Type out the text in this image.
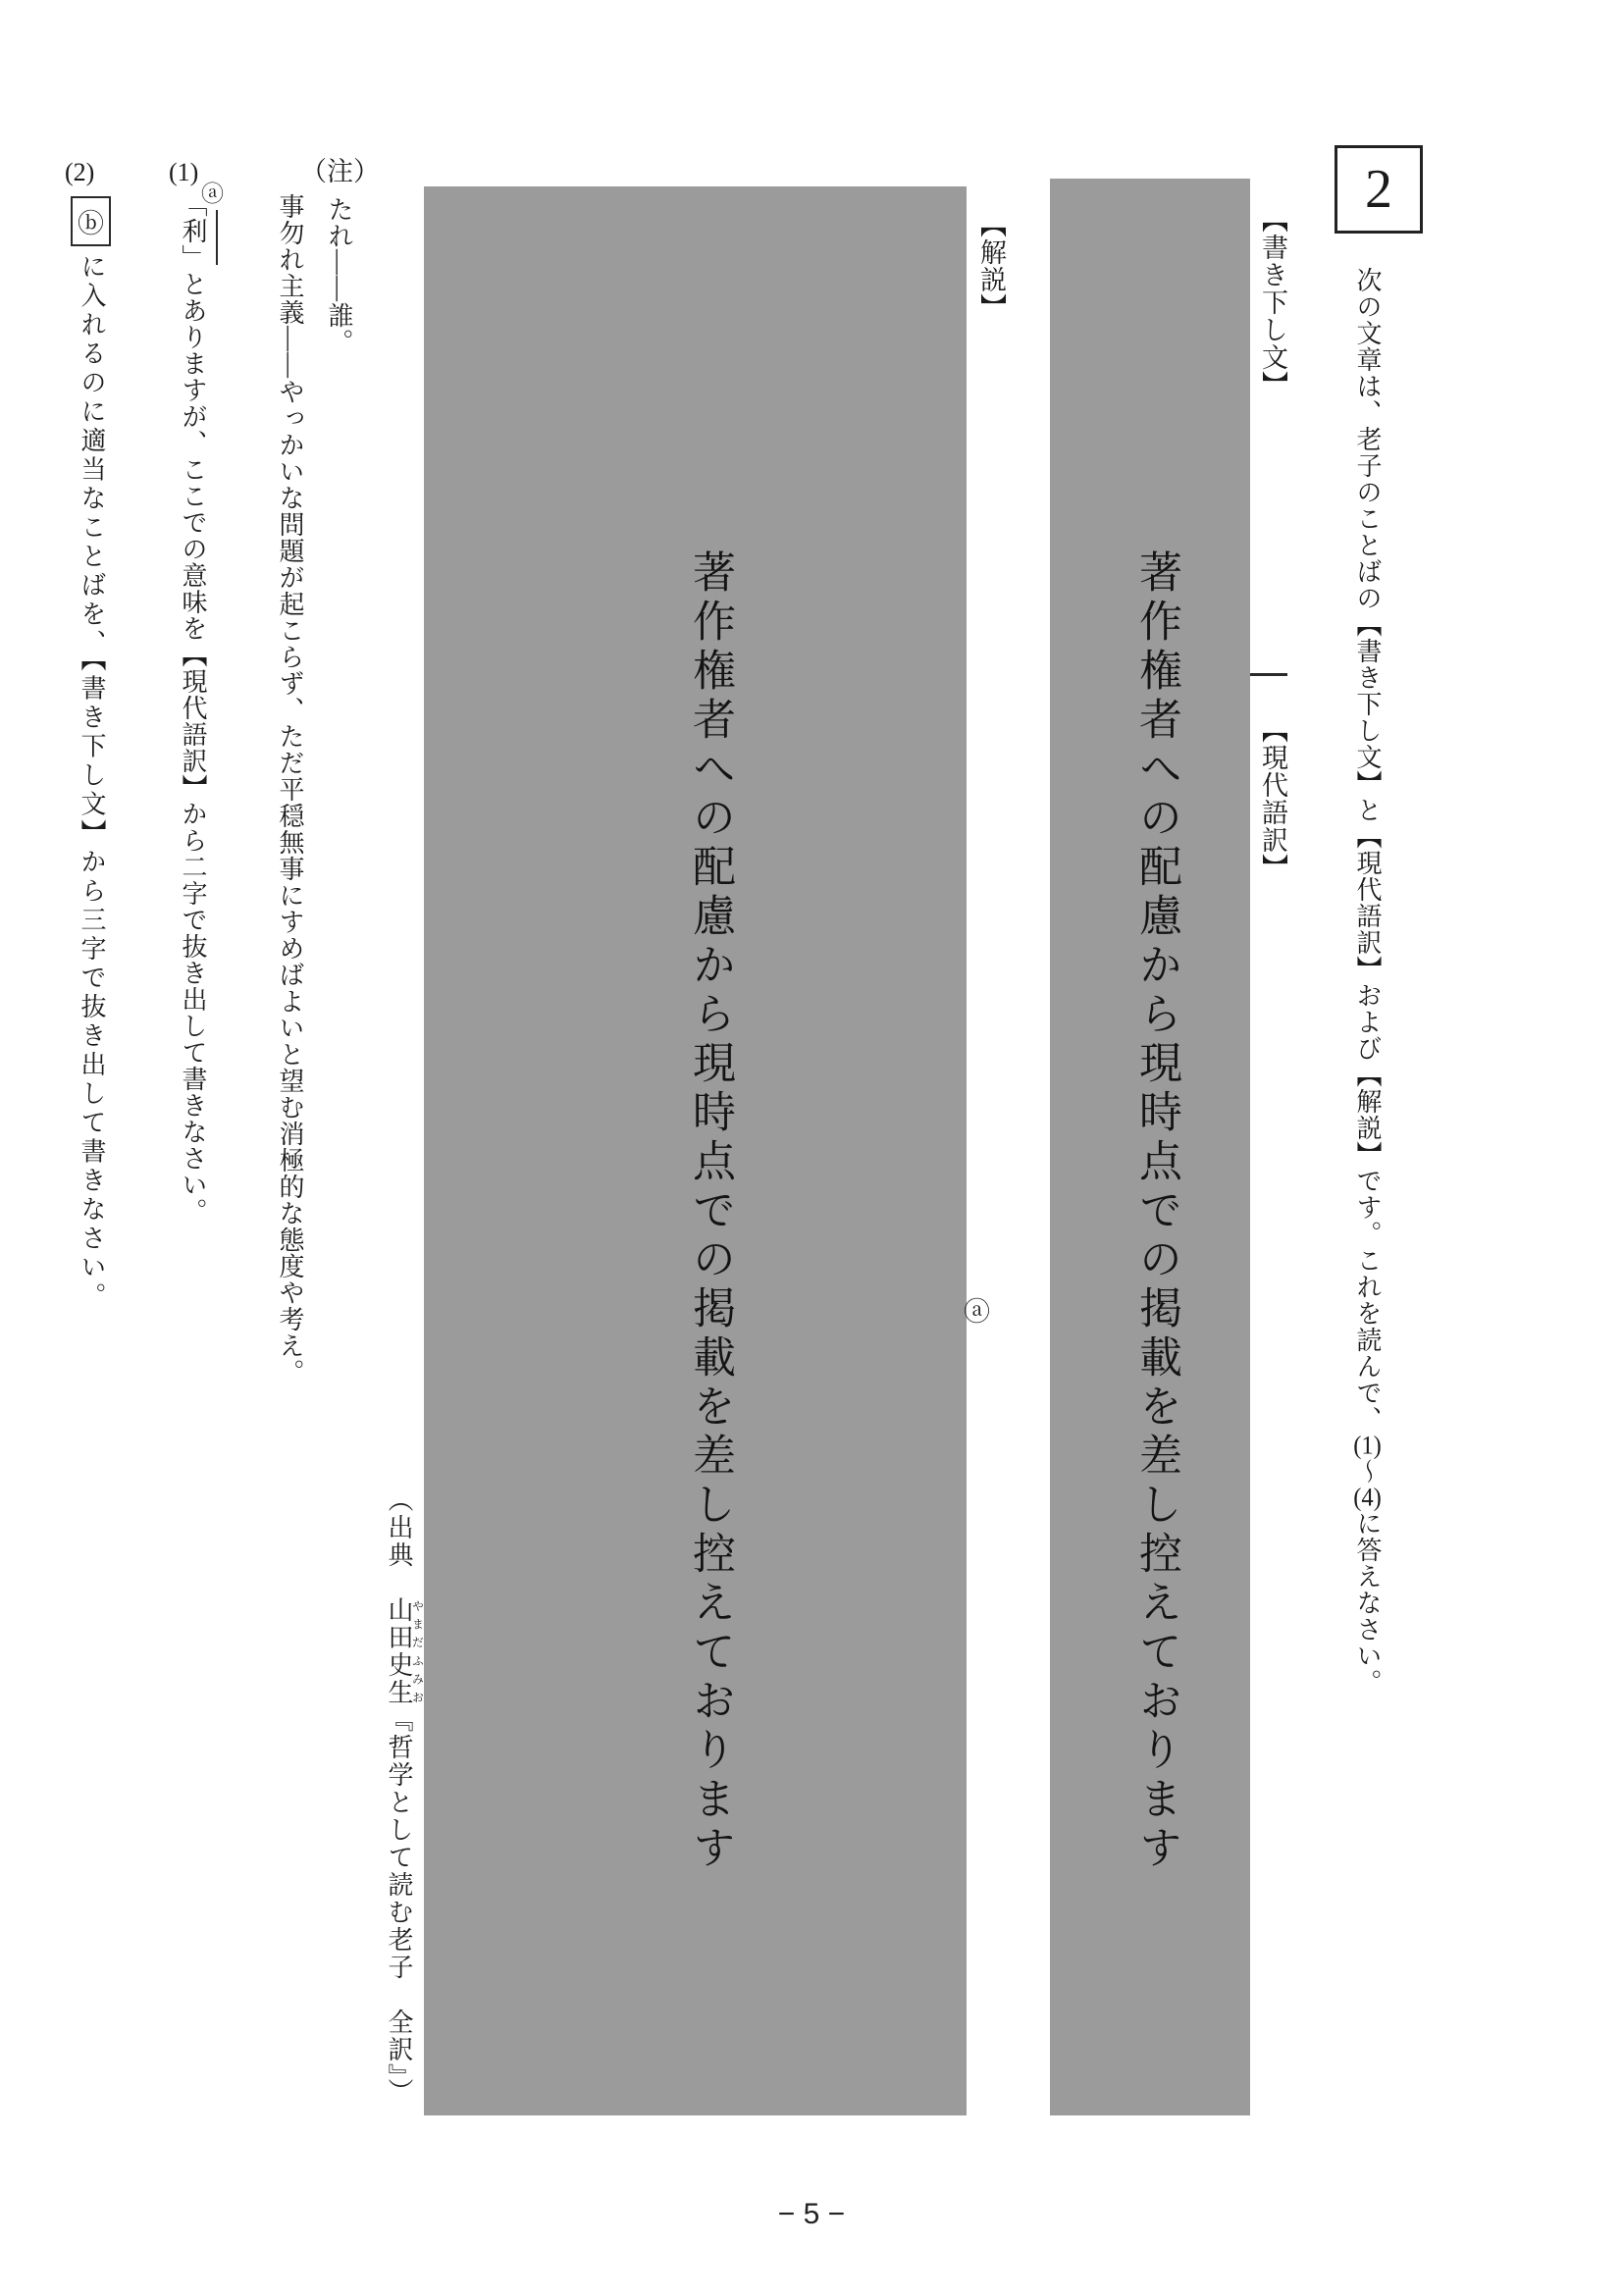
2
次の文章は、老子のことばの【書き下し文】と【現代語訳】および【解説】です。これを読んで、(1)〜(4)に答えなさい。
【書き下し文】
【現代語訳】
著作権者への配慮から現時点での掲載を差し控えております
【解説】
著作権者への配慮から現時点での掲載を差し控えております	ⓐ
（出典　山田やまだ史生ふみお『哲学として読む老子　全訳』）
（注）
たれ――誰。
事勿れ主義――やっかいな問題が起こらず、ただ平穏無事にすめばよいと望む消極的な態度や考え。
(1)
ⓐ
「利」とありますが、ここでの意味を【現代語訳】から二字で抜き出して書きなさい。
(2)
ⓑ
に入れるのに適当なことばを、【書き下し文】から三字で抜き出して書きなさい。
− 5 −
